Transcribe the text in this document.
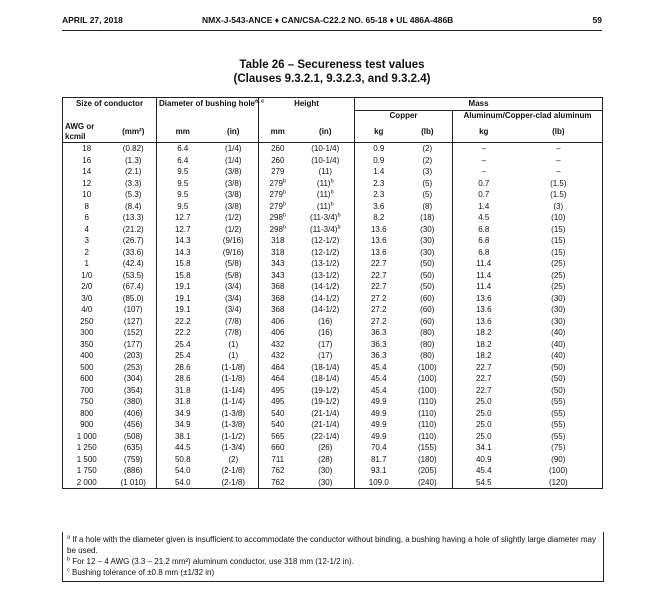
APRIL 27, 2018	NMX-J-543-ANCE ♦ CAN/CSA-C22.2 NO. 65-18 ♦ UL 486A-486B	59
Table 26 – Secureness test values
(Clauses 9.3.2.1, 9.3.2.3, and 9.3.2.4)
Size of conductor		Diameter of bushing hole$^{a, c}$		Height		Mass			
						Copper		Aluminum/Copper-clad aluminum	
AWG or kcmil	(mm²)	mm	(in)	mm	(in)	kg	(lb)	kg	(lb)

18	(0.82)	6.4	(1/4)	260	(10-1/4)	0.9	(2)	–	–
16	(1.3)	6.4	(1/4)	260	(10-1/4)	0.9	(2)	–	–
14	(2.1)	9.5	(3/8)	279	(11)	1.4	(3)	–	–
12	(3.3)	9.5	(3/8)	279$^b$	$(11)^b$	2.3	(5)	0.7	(1.5)
10	(5.3)	9.5	(3/8)	279$^b$	$(11)^b$	2.3	(5)	0.7	(1.5)
8	(8.4)	9.5	(3/8)	279$^b$	$(11)^b$	3.6	(8)	1.4	(3)
6	(13.3)	12.7	(1/2)	298$^b$	$(11-3/4)^b$	8.2	(18)	4.5	(10)
4	(21.2)	12.7	(1/2)	298$^b$	$(11-3/4)^b$	13.6	(30)	6.8	(15)
3	(26.7)	14.3	(9/16)	318	(12-1/2)	13.6	(30)	6.8	(15)
2	(33.6)	14.3	(9/16)	318	(12-1/2)	13.6	(30)	6.8	(15)
1	(42.4)	15.8	(5/8)	343	(13-1/2)	22.7	(50)	11.4	(25)
1/0	(53.5)	15.8	(5/8)	343	(13-1/2)	22.7	(50)	11.4	(25)
2/0	(67.4)	19.1	(3/4)	368	(14-1/2)	22.7	(50)	11.4	(25)
3/0	(85.0)	19.1	(3/4)	368	(14-1/2)	27.2	(60)	13.6	(30)
4/0	(107)	19.1	(3/4)	368	(14-1/2)	27.2	(60)	13.6	(30)
250	(127)	22.2	(7/8)	406	(16)	27.2	(60)	13.6	(30)
300	(152)	22.2	(7/8)	406	(16)	36.3	(80)	18.2	(40)
350	(177)	25.4	(1)	432	(17)	36.3	(80)	18.2	(40)
400	(203)	25.4	(1)	432	(17)	36.3	(80)	18.2	(40)
500	(253)	28.6	(1-1/8)	464	(18-1/4)	45.4	(100)	22.7	(50)
600	(304)	28.6	(1-1/8)	464	(18-1/4)	45.4	(100)	22.7	(50)
700	(354)	31.8	(1-1/4)	495	(19-1/2)	45.4	(100)	22.7	(50)
750	(380)	31.8	(1-1/4)	495	(19-1/2)	49.9	(110)	25.0	(55)
800	(406)	34.9	(1-3/8)	540	(21-1/4)	49.9	(110)	25.0	(55)
900	(456)	34.9	(1-3/8)	540	(21-1/4)	49.9	(110)	25.0	(55)
1 000	(508)	38.1	(1-1/2)	565	(22-1/4)	49.9	(110)	25.0	(55)
1 250	(635)	44.5	(1-3/4)	660	(26)	70.4	(155)	34.1	(75)
1 500	(759)	50.8	(2)	711	(28)	81.7	(180)	40.9	(90)
1 750	(886)	54.0	(2-1/8)	762	(30)	93.1	(205)	45.4	(100)
2 000	(1 010)	54.0	(2-1/8)	762	(30)	109.0	(240)	54.5	(120)
$^a$ If a hole with the diameter given is insufficient to accommodate the conductor without binding, a bushing having a hole of slightly large diameter may be used.
$^b$ For 12 – 4 AWG (3.3 – 21.2 mm²) aluminum conductor, use 318 mm (12-1/2 in).
$^c$ Bushing tolerance of ±0.8 mm (±1/32 in)
